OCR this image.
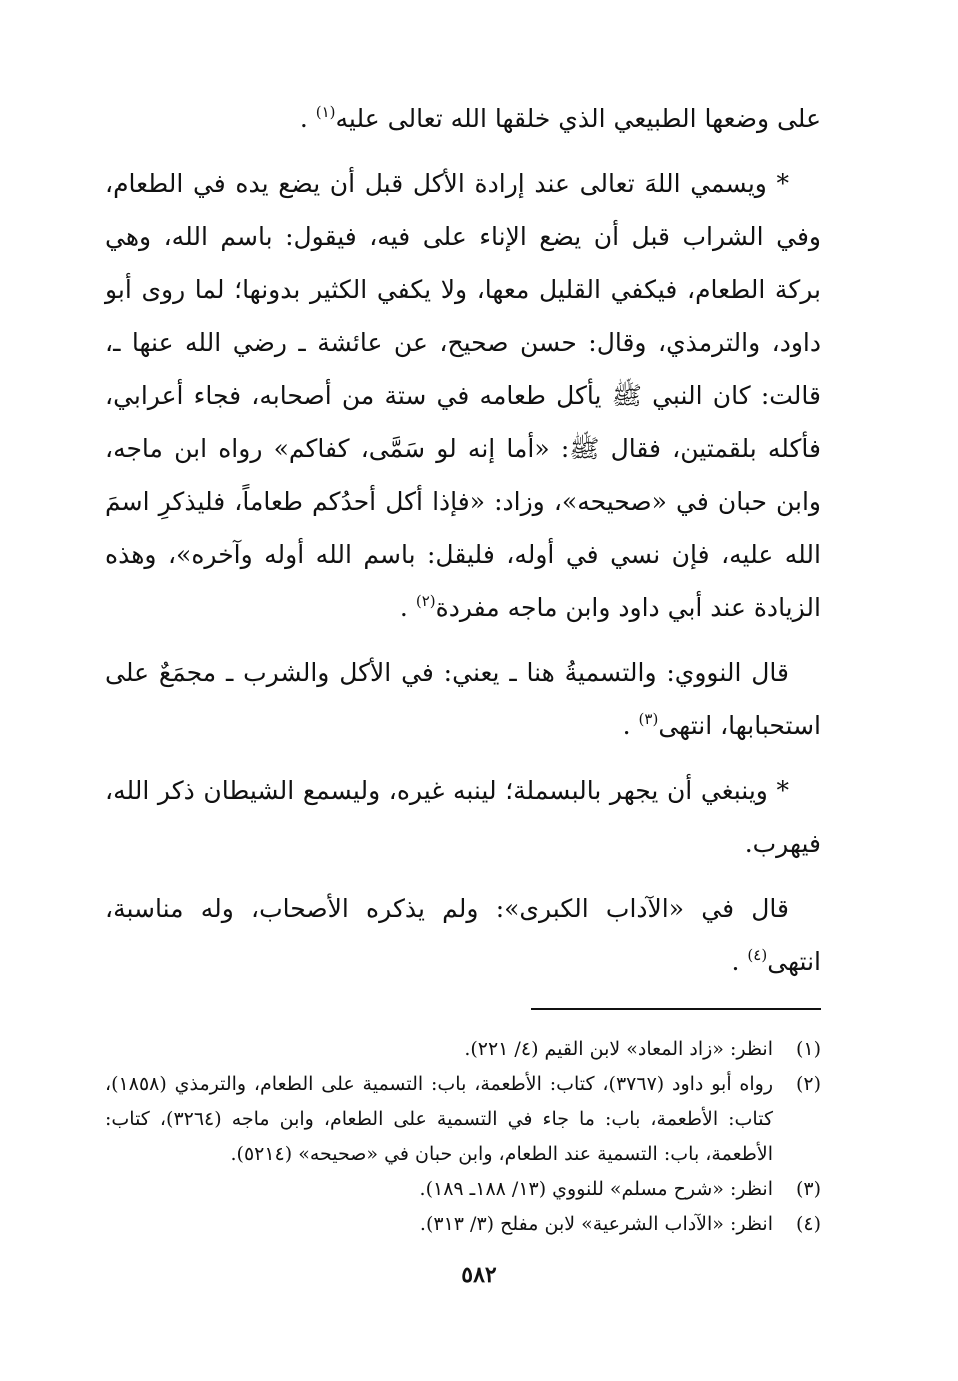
على وضعها الطبيعي الذي خلقها الله تعالى عليه$^{(١)}$ .

* ويسمي اللهَ تعالى عند إرادة الأكل قبل أن يضع يده في الطعام، وفي الشراب قبل أن يضع الإناء على فيه، فيقول: باسم الله، وهي بركة الطعام، فيكفي القليل معها، ولا يكفي الكثير بدونها؛ لما روى أبو داود، والترمذي، وقال: حسن صحيح، عن عائشة ـ رضي الله عنها ـ، قالت: كان النبي ﷺ يأكل طعامه في ستة من أصحابه، فجاء أعرابي، فأكله بلقمتين، فقال ﷺ: «أما إنه لو سَمَّى، كفاكم» رواه ابن ماجه، وابن حبان في «صحيحه»، وزاد: «فإذا أكل أحدُكم طعاماً، فليذكرِ اسمَ الله عليه، فإن نسي في أوله، فليقل: باسم الله أوله وآخره»، وهذه الزيادة عند أبي داود وابن ماجه مفردة$^{(٢)}$ .

قال النووي: والتسميةُ هنا ـ يعني: في الأكل والشرب ـ مجمَعٌ على استحبابها، انتهى$^{(٣)}$ .

* وينبغي أن يجهر بالبسملة؛ لينبه غيره، وليسمع الشيطان ذكر الله، فيهرب.

قال في «الآداب الكبرى»: ولم يذكره الأصحاب، وله مناسبة، انتهى$^{(٤)}$ .

(١)
انظر: «زاد المعاد» لابن القيم (٤/ ٢٢١).
(٢)
رواه أبو داود (٣٧٦٧)، كتاب: الأطعمة، باب: التسمية على الطعام، والترمذي (١٨٥٨)، كتاب: الأطعمة، باب: ما جاء في التسمية على الطعام، وابن ماجه (٣٢٦٤)، كتاب: الأطعمة، باب: التسمية عند الطعام، وابن حبان في «صحيحه» (٥٢١٤).
(٣)
انظر: «شرح مسلم» للنووي (١٣/ ١٨٨ـ ١٨٩).
(٤)
انظر: «الآداب الشرعية» لابن مفلح (٣/ ٣١٣).
٥٨٢
